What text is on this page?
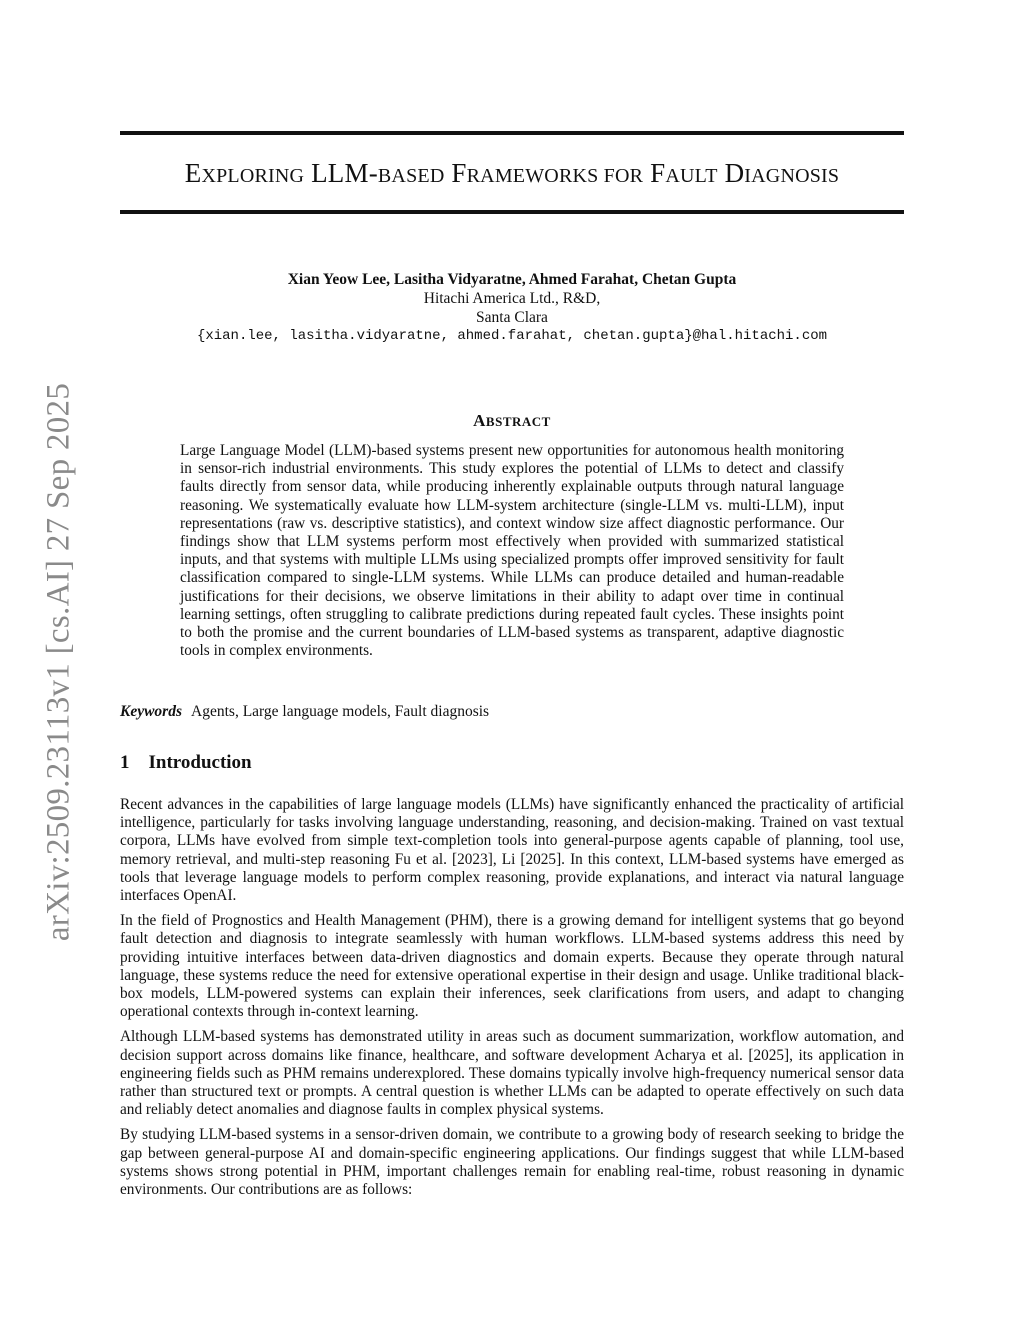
arXiv:2509.23113v1 [cs.AI] 27 Sep 2025
EXPLORING LLM-BASED FRAMEWORKS FOR FAULT DIAGNOSIS
Xian Yeow Lee, Lasitha Vidyaratne, Ahmed Farahat, Chetan Gupta
Hitachi America Ltd., R&D,
Santa Clara
{xian.lee, lasitha.vidyaratne, ahmed.farahat, chetan.gupta}@hal.hitachi.com
ABSTRACT
Large Language Model (LLM)-based systems present new opportunities for autonomous health monitoring in sensor-rich industrial environments. This study explores the potential of LLMs to detect and classify faults directly from sensor data, while producing inherently explainable outputs through natural language reasoning. We systematically evaluate how LLM-system architecture (single-LLM vs. multi-LLM), input representations (raw vs. descriptive statistics), and context window size affect diagnostic performance. Our findings show that LLM systems perform most effectively when provided with summarized statistical inputs, and that systems with multiple LLMs using specialized prompts offer improved sensitivity for fault classification compared to single-LLM systems. While LLMs can produce detailed and human-readable justifications for their decisions, we observe limitations in their ability to adapt over time in continual learning settings, often struggling to calibrate predictions during repeated fault cycles. These insights point to both the promise and the current boundaries of LLM-based systems as transparent, adaptive diagnostic tools in complex environments.
Keywords Agents, Large language models, Fault diagnosis
1 Introduction

Recent advances in the capabilities of large language models (LLMs) have significantly enhanced the practicality of artificial intelligence, particularly for tasks involving language understanding, reasoning, and decision-making. Trained on vast textual corpora, LLMs have evolved from simple text-completion tools into general-purpose agents capable of planning, tool use, memory retrieval, and multi-step reasoning Fu et al. [2023], Li [2025]. In this context, LLM-based systems have emerged as tools that leverage language models to perform complex reasoning, provide explanations, and interact via natural language interfaces OpenAI.

In the field of Prognostics and Health Management (PHM), there is a growing demand for intelligent systems that go beyond fault detection and diagnosis to integrate seamlessly with human workflows. LLM-based systems address this need by providing intuitive interfaces between data-driven diagnostics and domain experts. Because they operate through natural language, these systems reduce the need for extensive operational expertise in their design and usage. Unlike traditional black-box models, LLM-powered systems can explain their inferences, seek clarifications from users, and adapt to changing operational contexts through in-context learning.

Although LLM-based systems has demonstrated utility in areas such as document summarization, workflow automation, and decision support across domains like finance, healthcare, and software development Acharya et al. [2025], its application in engineering fields such as PHM remains underexplored. These domains typically involve high-frequency numerical sensor data rather than structured text or prompts. A central question is whether LLMs can be adapted to operate effectively on such data and reliably detect anomalies and diagnose faults in complex physical systems.

By studying LLM-based systems in a sensor-driven domain, we contribute to a growing body of research seeking to bridge the gap between general-purpose AI and domain-specific engineering applications. Our findings suggest that while LLM-based systems shows strong potential in PHM, important challenges remain for enabling real-time, robust reasoning in dynamic environments. Our contributions are as follows:
